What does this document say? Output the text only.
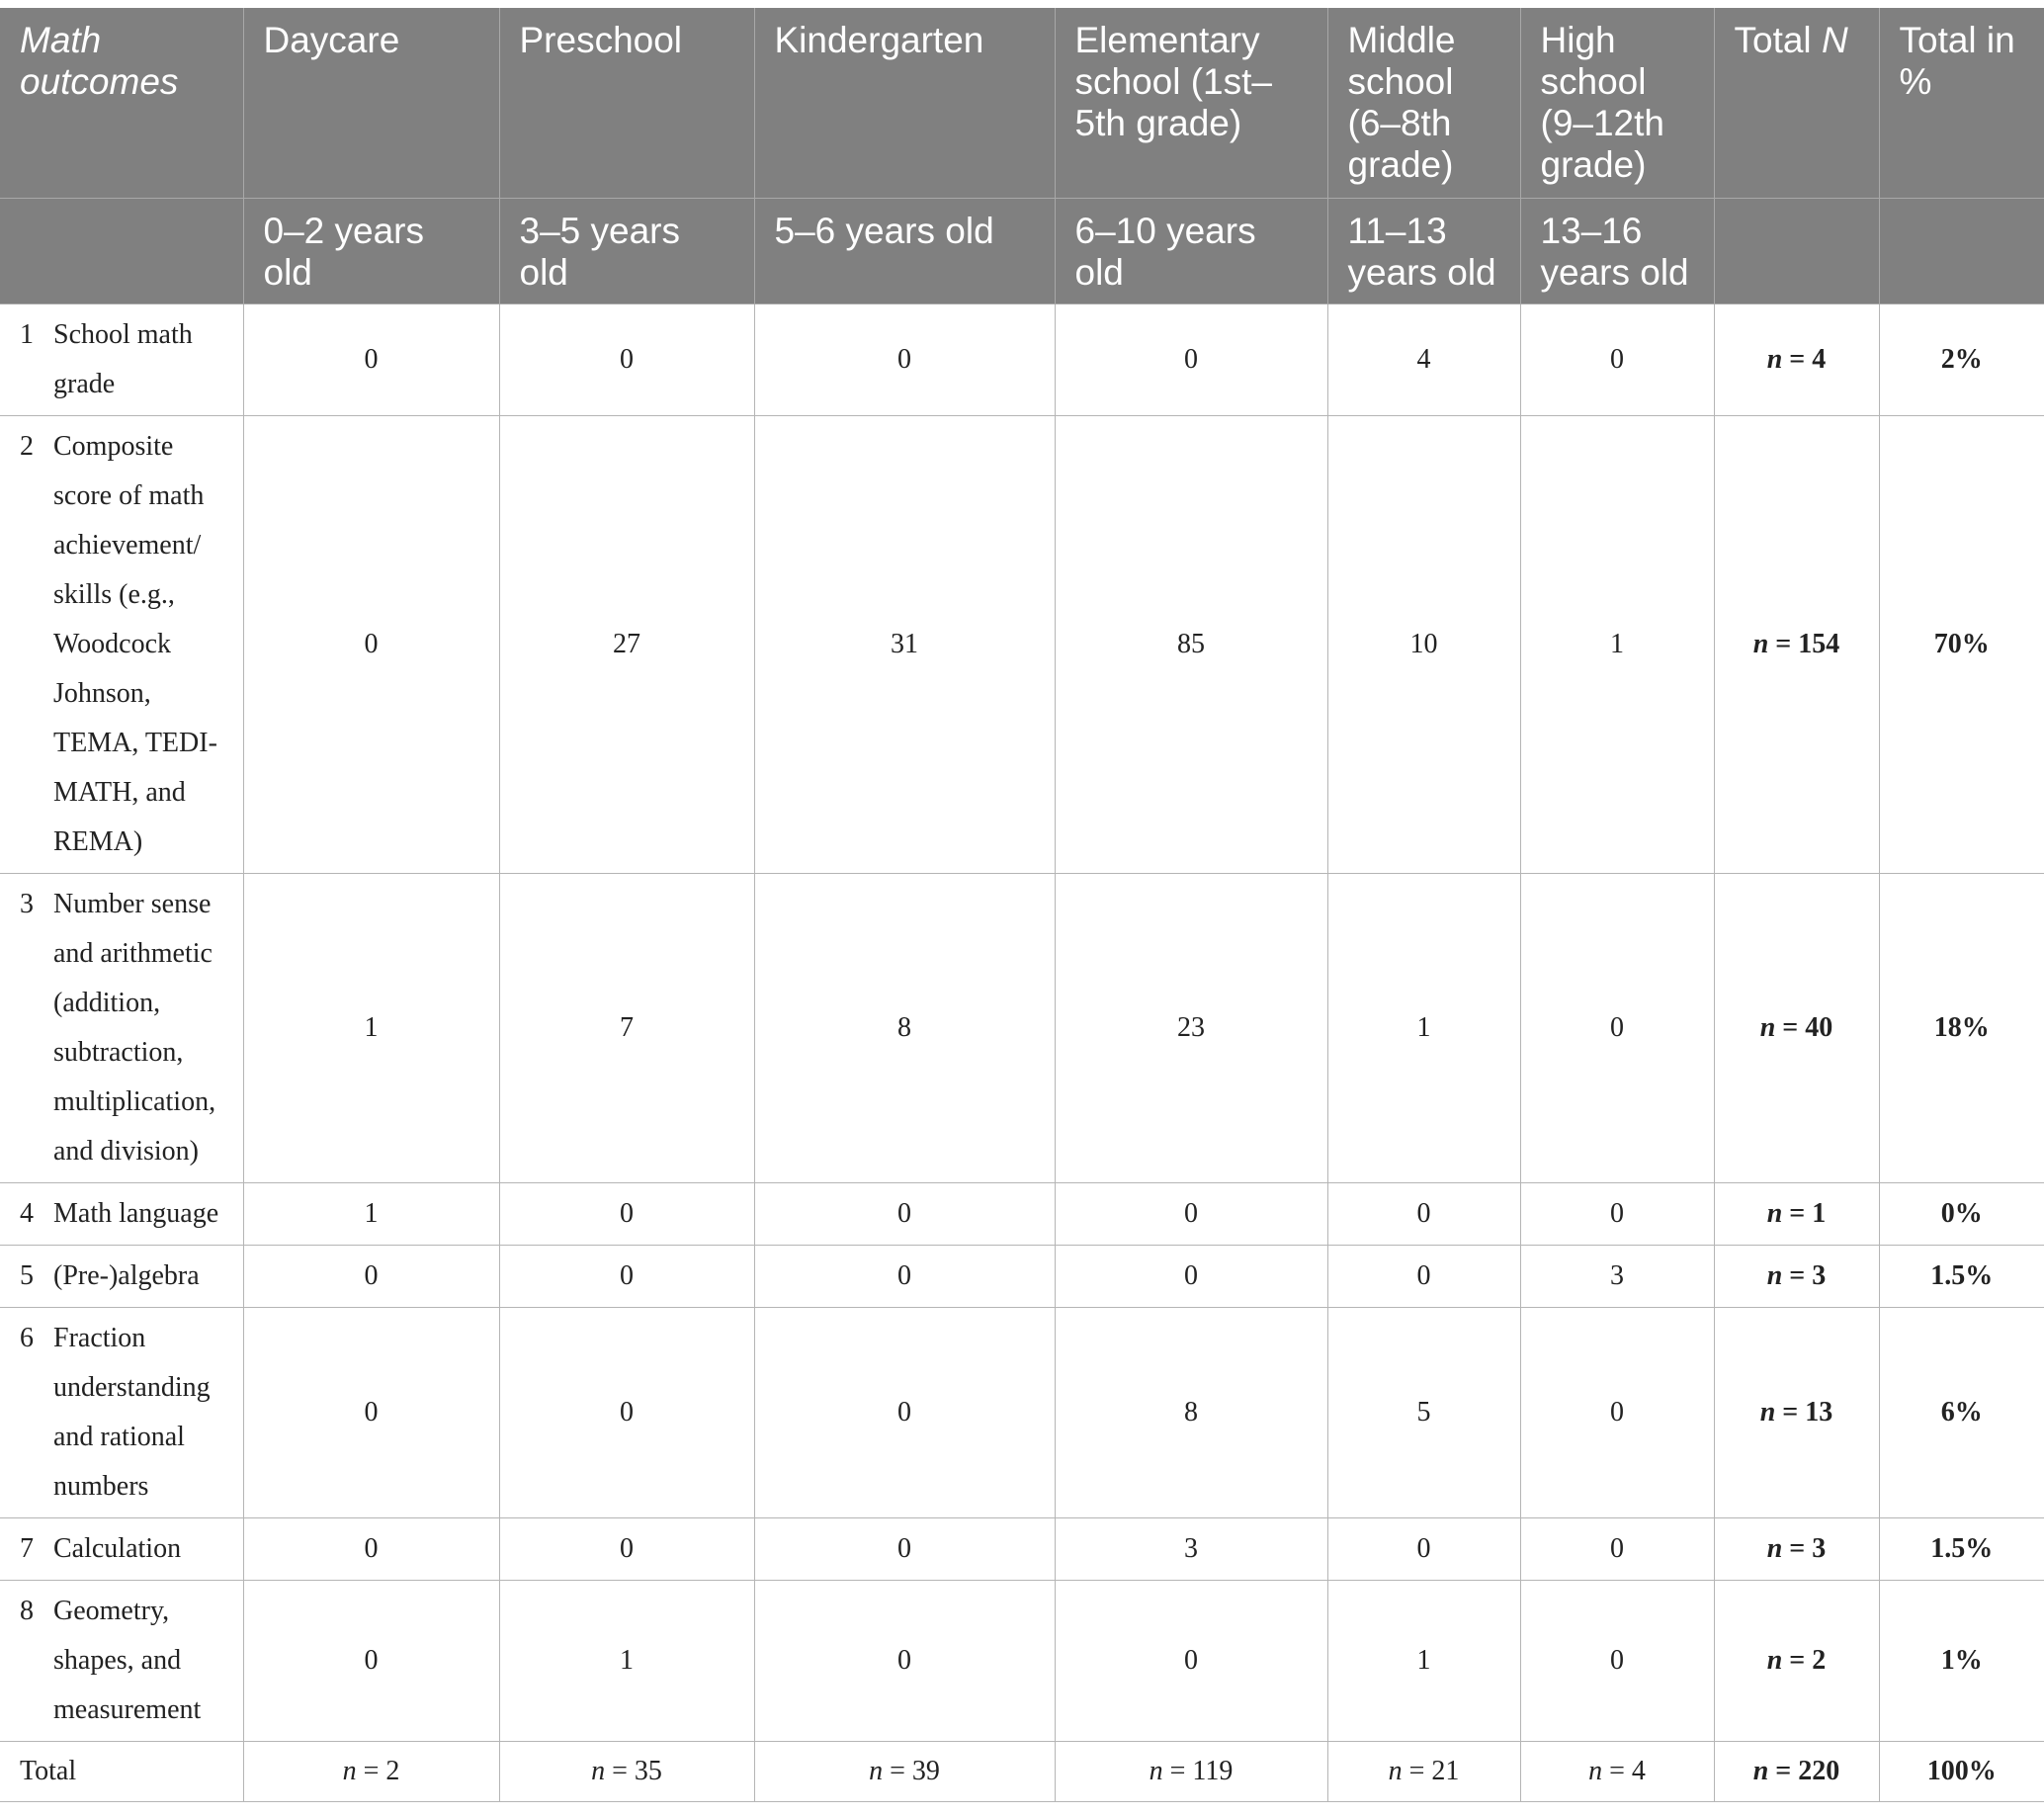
Math outcomes	Daycare	Preschool	Kindergarten	Elementary school (1st–5th grade)	Middle school (6–8th grade)	High school (9–12th grade)	Total N	Total in %
	0–2 years old	3–5 years old	5–6 years old	6–10 years old	11–13 years old	13–16 years old		

1 School math grade	0	0	0	0	4	0	n = 4	2%

2 Composite score of math achievement/ skills (e.g., Woodcock Johnson, TEMA, TEDI-MATH, and REMA)	0	27	31	85	10	1	n = 154	70%

3 Number sense and arithmetic (addition, subtraction, multiplication, and division)	1	7	8	23	1	0	n = 40	18%

4 Math language	1	0	0	0	0	0	n = 1	0%

5 (Pre-)algebra	0	0	0	0	0	3	n = 3	1.5%

6 Fraction understanding and rational numbers	0	0	0	8	5	0	n = 13	6%

7 Calculation	0	0	0	3	0	0	n = 3	1.5%

8 Geometry, shapes, and measurement	0	1	0	0	1	0	n = 2	1%
Total	n = 2	n = 35	n = 39	n = 119	n = 21	n = 4	n = 220	100%
